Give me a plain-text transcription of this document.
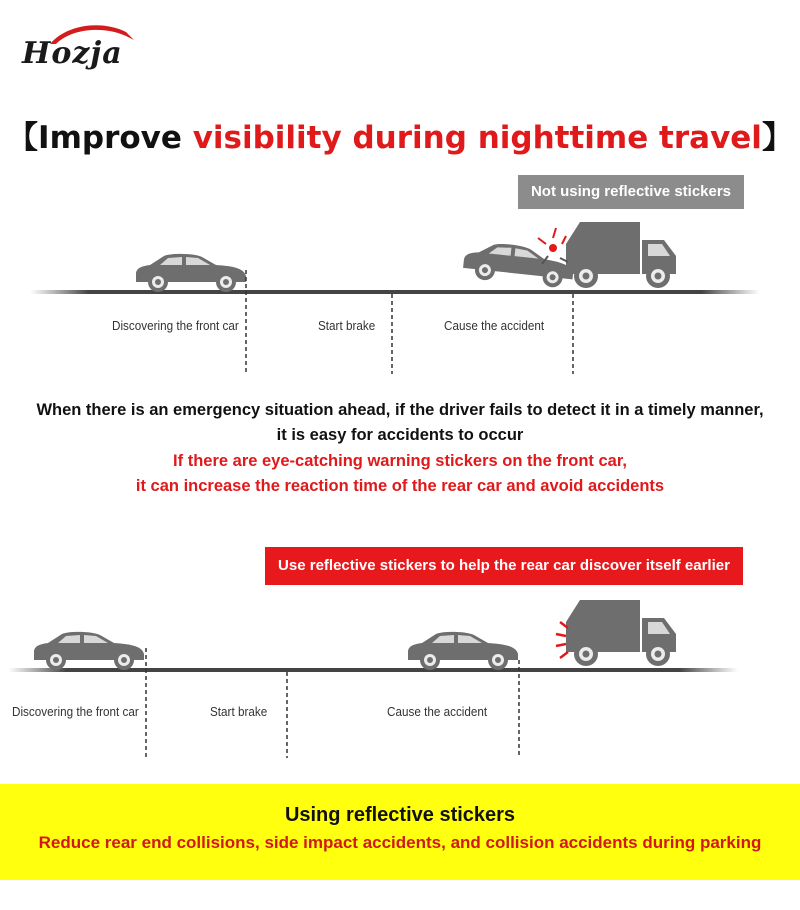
Hozja
【Improve visibility during nighttime travel】
Not using reflective stickers
Discovering the front car	Start brake	Cause the accident
When there is an emergency situation ahead, if the driver fails to detect it in a timely manner,
it is easy for accidents to occur
If there are eye-catching warning stickers on the front car,
it can increase the reaction time of the rear car and avoid accidents
Use reflective stickers to help the rear car discover itself earlier
Discovering the front car	Start brake	Cause the accident
Using reflective stickers
Reduce rear end collisions, side impact accidents, and collision accidents during parking
